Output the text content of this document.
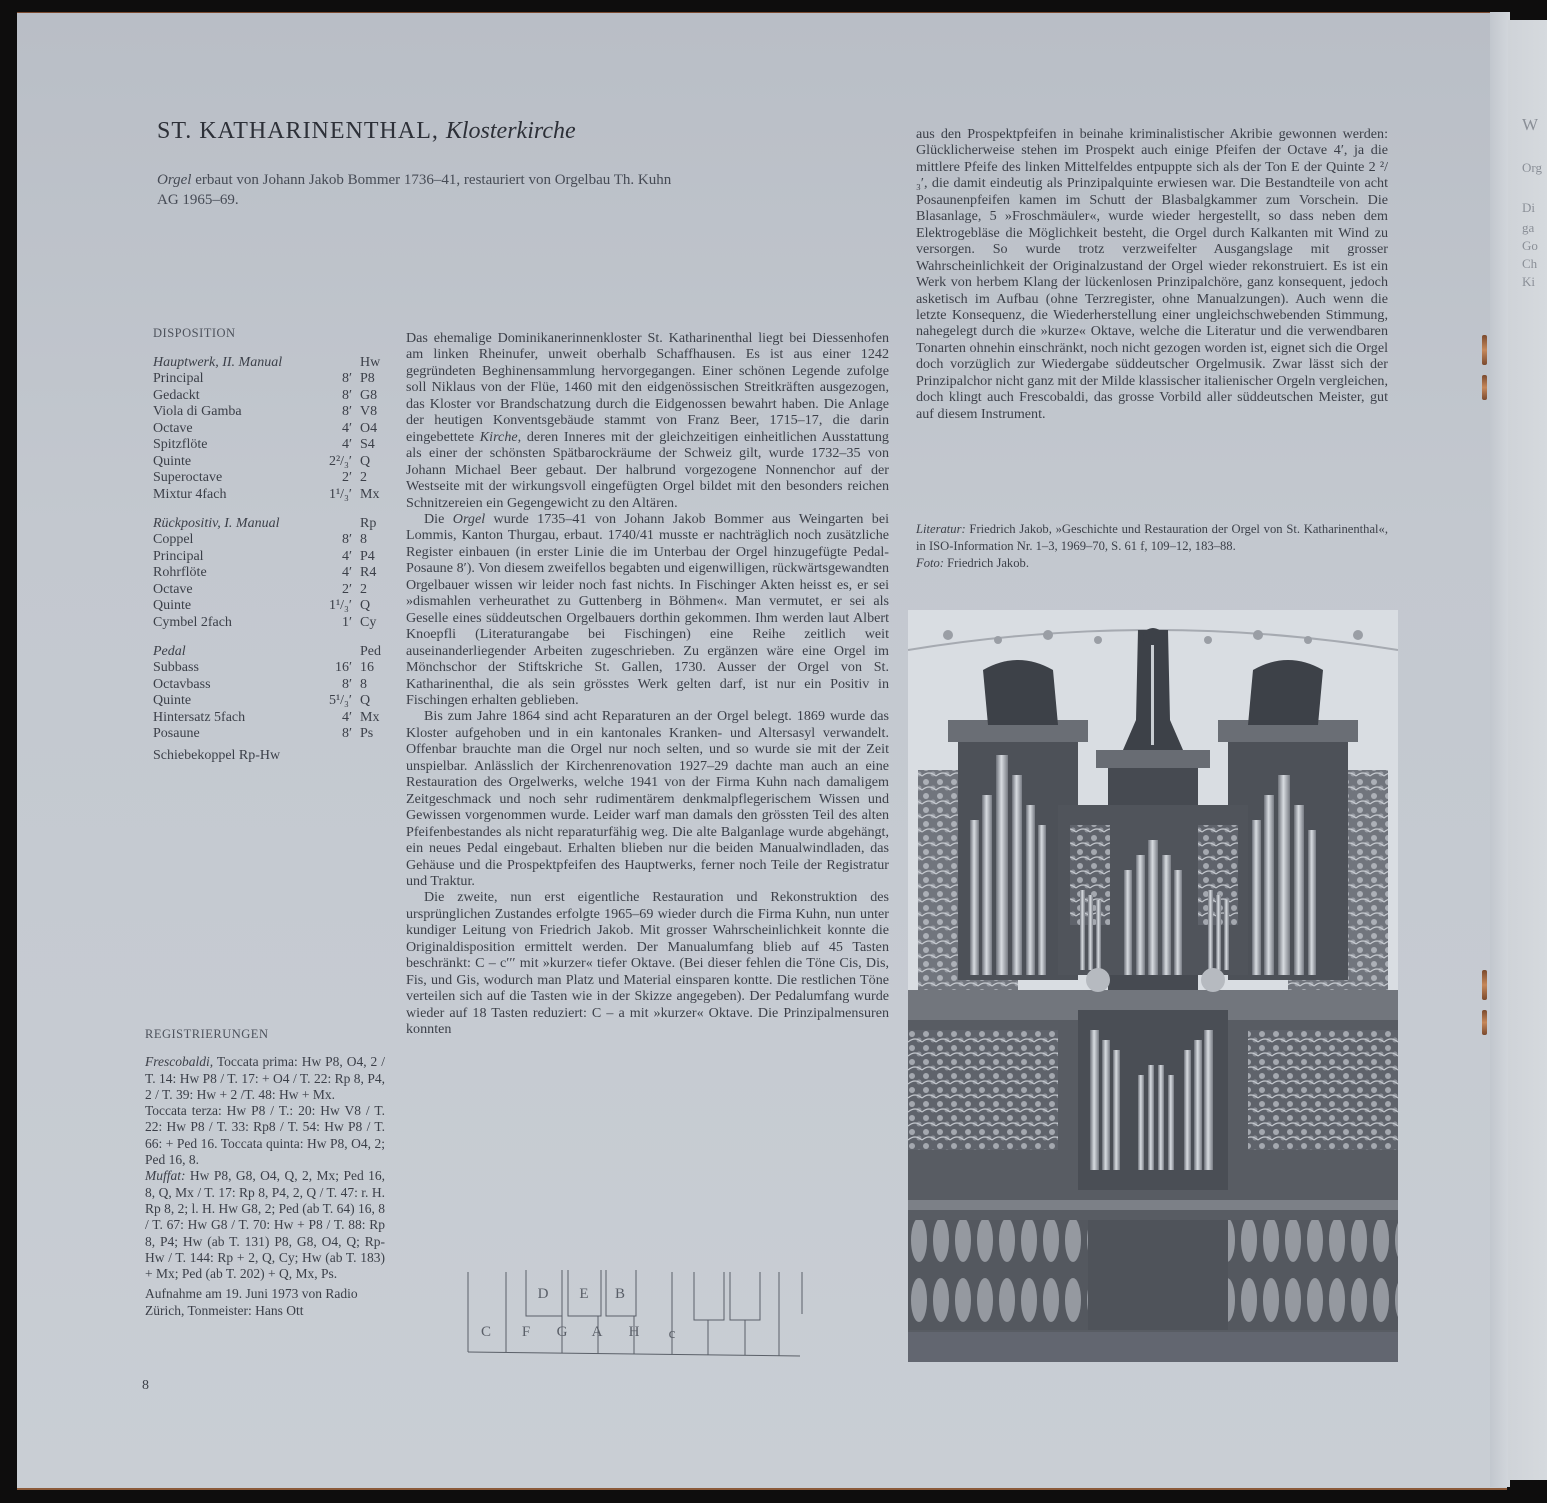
W
Org
Di
ga
Go
Ch
Ki
ST. KATHARINENTHAL, Klosterkirche
Orgel erbaut von Johann Jakob Bommer 1736–41, restauriert von Orgelbau Th. Kuhn AG 1965–69.
DISPOSITION
Hauptwerk, II. Manual	Hw
Principal	8′ P8
Gedackt	8′ G8
Viola di Gamba	8′ V8
Octave	4′ O4
Spitzflöte	4′ S4
Quinte	2²/₃′ Q
Superoctave	2′ 2
Mixtur 4fach	1¹/₃′ Mx
Rückpositiv, I. Manual	Rp
Coppel	8′ 8
Principal	4′ P4
Rohrflöte	4′ R4
Octave	2′ 2
Quinte	1¹/₃′ Q
Cymbel 2fach	1′ Cy
Pedal	Ped
Subbass	16′ 16
Octavbass	8′ 8
Quinte	5¹/₃′ Q
Hintersatz 5fach	4′ Mx
Posaune	8′ Ps
Schiebekoppel Rp-Hw
REGISTRIERUNGEN

Frescobaldi, Toccata prima: Hw P8, O4, 2 / T. 14: Hw P8 / T. 17: + O4 / T. 22: Rp 8, P4, 2 / T. 39: Hw + 2 /T. 48: Hw + Mx.

Toccata terza: Hw P8 / T.: 20: Hw V8 / T. 22: Hw P8 / T. 33: Rp8 / T. 54: Hw P8 / T. 66: + Ped 16. Toccata quinta: Hw P8, O4, 2; Ped 16, 8.

Muffat: Hw P8, G8, O4, Q, 2, Mx; Ped 16, 8, Q, Mx / T. 17: Rp 8, P4, 2, Q / T. 47: r. H. Rp 8, 2; l. H. Hw G8, 2; Ped (ab T. 64) 16, 8 / T. 67: Hw G8 / T. 70: Hw + P8 / T. 88: Rp 8, P4; Hw (ab T. 131) P8, G8, O4, Q; Rp-Hw / T. 144: Rp + 2, Q, Cy; Hw (ab T. 183) + Mx; Ped (ab T. 202) + Q, Mx, Ps.

Aufnahme am 19. Juni 1973 von Radio Zürich, Tonmeister: Hans Ott

8

Das ehemalige Dominikanerinnenkloster St. Katharinenthal liegt bei Diessenhofen am linken Rheinufer, unweit oberhalb Schaffhausen. Es ist aus einer 1242 gegründeten Beghinensammlung hervorgegangen. Einer schönen Legende zufolge soll Niklaus von der Flüe, 1460 mit den eidgenössischen Streitkräften ausgezogen, das Kloster vor Brandschatzung durch die Eidgenossen bewahrt haben. Die Anlage der heutigen Konventsgebäude stammt von Franz Beer, 1715–17, die darin eingebettete Kirche, deren Inneres mit der gleichzeitigen einheitlichen Ausstattung als einer der schönsten Spätbarockräume der Schweiz gilt, wurde 1732–35 von Johann Michael Beer gebaut. Der halbrund vorgezogene Nonnenchor auf der Westseite mit der wirkungsvoll eingefügten Orgel bildet mit den besonders reichen Schnitzereien ein Gegengewicht zu den Altären.

Die Orgel wurde 1735–41 von Johann Jakob Bommer aus Weingarten bei Lommis, Kanton Thurgau, erbaut. 1740/41 musste er nachträglich noch zusätzliche Register einbauen (in erster Linie die im Unterbau der Orgel hinzugefügte Pedal-Posaune 8′). Von diesem zweifellos begabten und eigenwilligen, rückwärtsgewandten Orgelbauer wissen wir leider noch fast nichts. In Fischinger Akten heisst es, er sei »dismahlen verheurathet zu Guttenberg in Böhmen«. Man vermutet, er sei als Geselle eines süddeutschen Orgelbauers dorthin gekommen. Ihm werden laut Albert Knoepfli (Literaturangabe bei Fischingen) eine Reihe zeitlich weit auseinanderliegender Arbeiten zugeschrieben. Zu ergänzen wäre eine Orgel im Mönchschor der Stiftskriche St. Gallen, 1730. Ausser der Orgel von St. Katharinenthal, die als sein grösstes Werk gelten darf, ist nur ein Positiv in Fischingen erhalten geblieben.

Bis zum Jahre 1864 sind acht Reparaturen an der Orgel belegt. 1869 wurde das Kloster aufgehoben und in ein kantonales Kranken- und Altersasyl verwandelt. Offenbar brauchte man die Orgel nur noch selten, und so wurde sie mit der Zeit unspielbar. Anlässlich der Kirchenrenovation 1927–29 dachte man auch an eine Restauration des Orgelwerks, welche 1941 von der Firma Kuhn nach damaligem Zeitgeschmack und noch sehr rudimentärem denkmalpflegerischem Wissen und Gewissen vorgenommen wurde. Leider warf man damals den grössten Teil des alten Pfeifenbestandes als nicht reparaturfähig weg. Die alte Balganlage wurde abgehängt, ein neues Pedal eingebaut. Erhalten blieben nur die beiden Manualwindladen, das Gehäuse und die Prospektpfeifen des Hauptwerks, ferner noch Teile der Registratur und Traktur.

Die zweite, nun erst eigentliche Restauration und Rekonstruktion des ursprünglichen Zustandes erfolgte 1965–69 wieder durch die Firma Kuhn, nun unter kundiger Leitung von Friedrich Jakob. Mit grosser Wahrscheinlichkeit konnte die Originaldisposition ermittelt werden. Der Manualumfang blieb auf 45 Tasten beschränkt: C – c′′′ mit »kurzer« tiefer Oktave. (Bei dieser fehlen die Töne Cis, Dis, Fis, und Gis, wodurch man Platz und Material einsparen kontte. Die restlichen Töne verteilen sich auf die Tasten wie in der Skizze angegeben). Der Pedalumfang wurde wieder auf 18 Tasten reduziert: C – a mit »kurzer« Oktave. Die Prinzipalmensuren konnten

D E B
C F G A H c

aus den Prospektpfeifen in beinahe kriminalistischer Akribie gewonnen werden: Glücklicherweise stehen im Prospekt auch einige Pfeifen der Octave 4′, ja die mittlere Pfeife des linken Mittelfeldes entpuppte sich als der Ton E der Quinte 2 ²/₃′, die damit eindeutig als Prinzipalquinte erwiesen war. Die Bestandteile von acht Posaunenpfeifen kamen im Schutt der Blasbalgkammer zum Vorschein. Die Blasanlage, 5 »Froschmäuler«, wurde wieder hergestellt, so dass neben dem Elektrogebläse die Möglichkeit besteht, die Orgel durch Kalkanten mit Wind zu versorgen. So wurde trotz verzweifelter Ausgangslage mit grosser Wahrscheinlichkeit der Originalzustand der Orgel wieder rekonstruiert. Es ist ein Werk von herbem Klang der lückenlosen Prinzipalchöre, ganz konsequent, jedoch asketisch im Aufbau (ohne Terzregister, ohne Manualzungen). Auch wenn die letzte Konsequenz, die Wiederherstellung einer ungleichschwebenden Stimmung, nahegelegt durch die »kurze« Oktave, welche die Literatur und die verwendbaren Tonarten ohnehin einschränkt, noch nicht gezogen worden ist, eignet sich die Orgel doch vorzüglich zur Wiedergabe süddeutscher Orgelmusik. Zwar lässt sich der Prinzipalchor nicht ganz mit der Milde klassischer italienischer Orgeln vergleichen, doch klingt auch Frescobaldi, das grosse Vorbild aller süddeutschen Meister, gut auf diesem Instrument.

Literatur: Friedrich Jakob, »Geschichte und Restauration der Orgel von St. Katharinenthal«, in ISO-Information Nr. 1–3, 1969–70, S. 61 f, 109–12, 183–88.

Foto: Friedrich Jakob.
